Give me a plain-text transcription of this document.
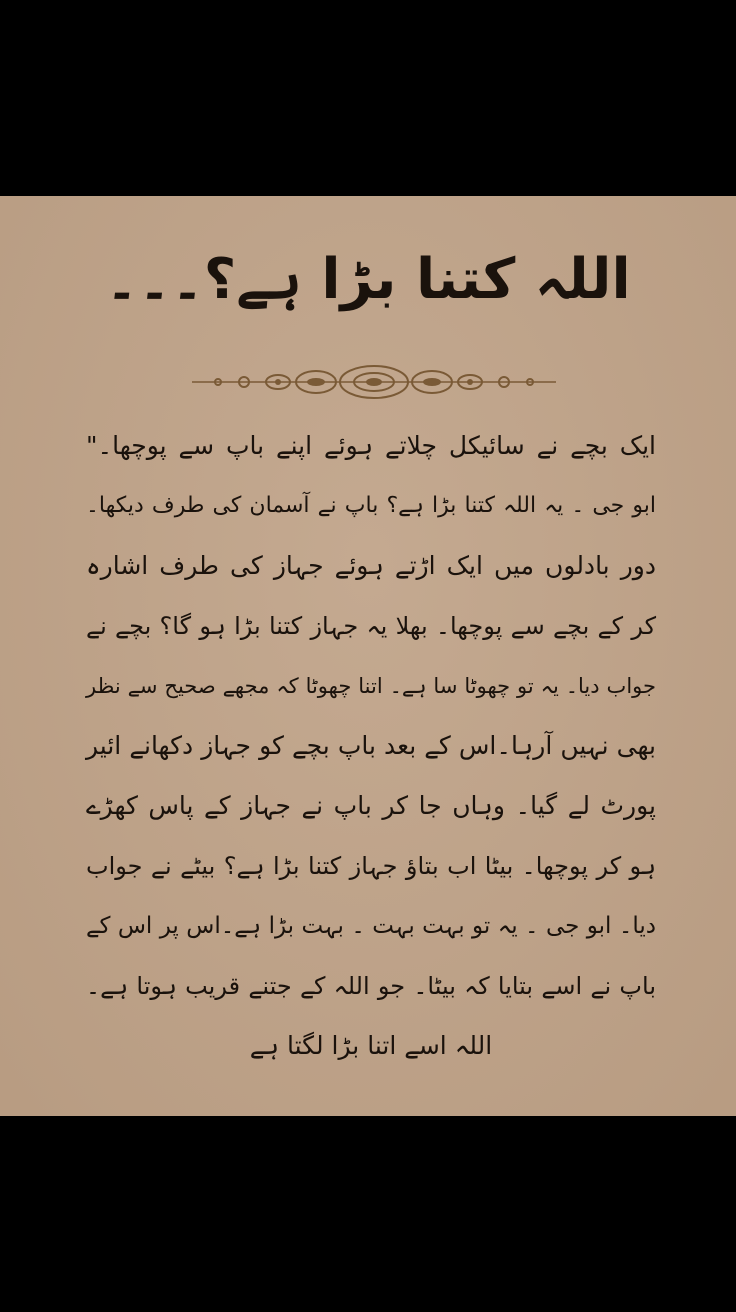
اللہ کتنا بڑا ہے؟۔۔۔
ایک بچے نے سائیکل چلاتے ہوئے اپنے باپ سے پوچھا۔"
ابو جی ۔ یہ اللہ کتنا بڑا ہے؟ باپ نے آسمان کی طرف دیکھا۔
دور بادلوں میں ایک اڑتے ہوئے جہاز کی طرف اشارہ
کر کے بچے سے پوچھا۔ بھلا یہ جہاز کتنا بڑا ہو گا؟ بچے نے
جواب دیا۔ یہ تو چھوٹا سا ہے۔ اتنا چھوٹا کہ مجھے صحیح سے نظر
بھی نہیں آرہا۔اس کے بعد باپ بچے کو جہاز دکھانے ائیر
پورٹ لے گیا۔ وہاں جا کر باپ نے جہاز کے پاس کھڑے
ہو کر پوچھا۔ بیٹا اب بتاؤ جہاز کتنا بڑا ہے؟ بیٹے نے جواب
دیا۔ ابو جی ۔ یہ تو بہت بہت ۔ بہت بڑا ہے۔اس پر اس کے
باپ نے اسے بتایا کہ بیٹا۔ جو اللہ کے جتنے قریب ہوتا ہے۔
اللہ اسے اتنا بڑا لگتا ہے
